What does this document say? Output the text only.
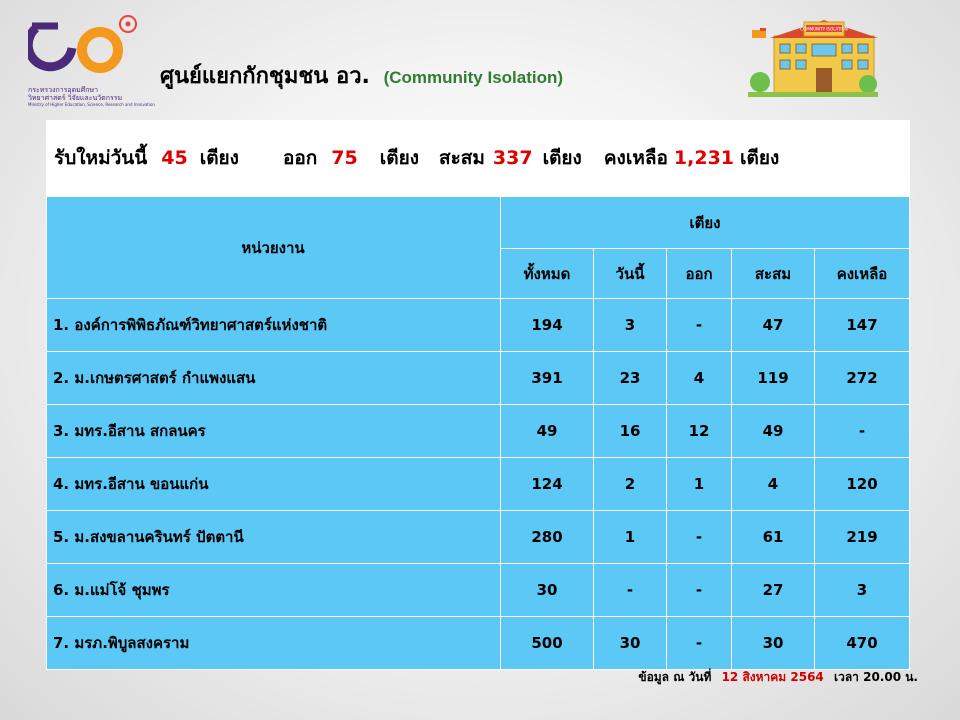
กระทรวงการอุดมศึกษา
วิทยาศาสตร์ วิจัยและนวัตกรรม
Ministry of Higher Education, Science, Research and Innovation
ศูนย์แยกกักชุมชน อว. (Community Isolation)
COMMUNITY ISOLATION
รับใหม่วันนี้ 45 เตียง ออก 75 เตียง สะสม 337 เตียง คงเหลือ 1,231 เตียง
หน่วยงาน	เตียง				
	ทั้งหมด	วันนี้	ออก	สะสม	คงเหลือ
1. องค์การพิพิธภัณฑ์วิทยาศาสตร์แห่งชาติ	194	3	-	47	147
2. ม.เกษตรศาสตร์ กำแพงแสน	391	23	4	119	272
3. มทร.อีสาน สกลนคร	49	16	12	49	-
4. มทร.อีสาน ขอนแก่น	124	2	1	4	120
5. ม.สงขลานครินทร์ ปัตตานี	280	1	-	61	219
6. ม.แม่โจ้ ชุมพร	30	-	-	27	3
7. มรภ.พิบูลสงคราม	500	30	-	30	470
ข้อมูล ณ วันที่ 12 สิงหาคม 2564 เวลา 20.00 น.
